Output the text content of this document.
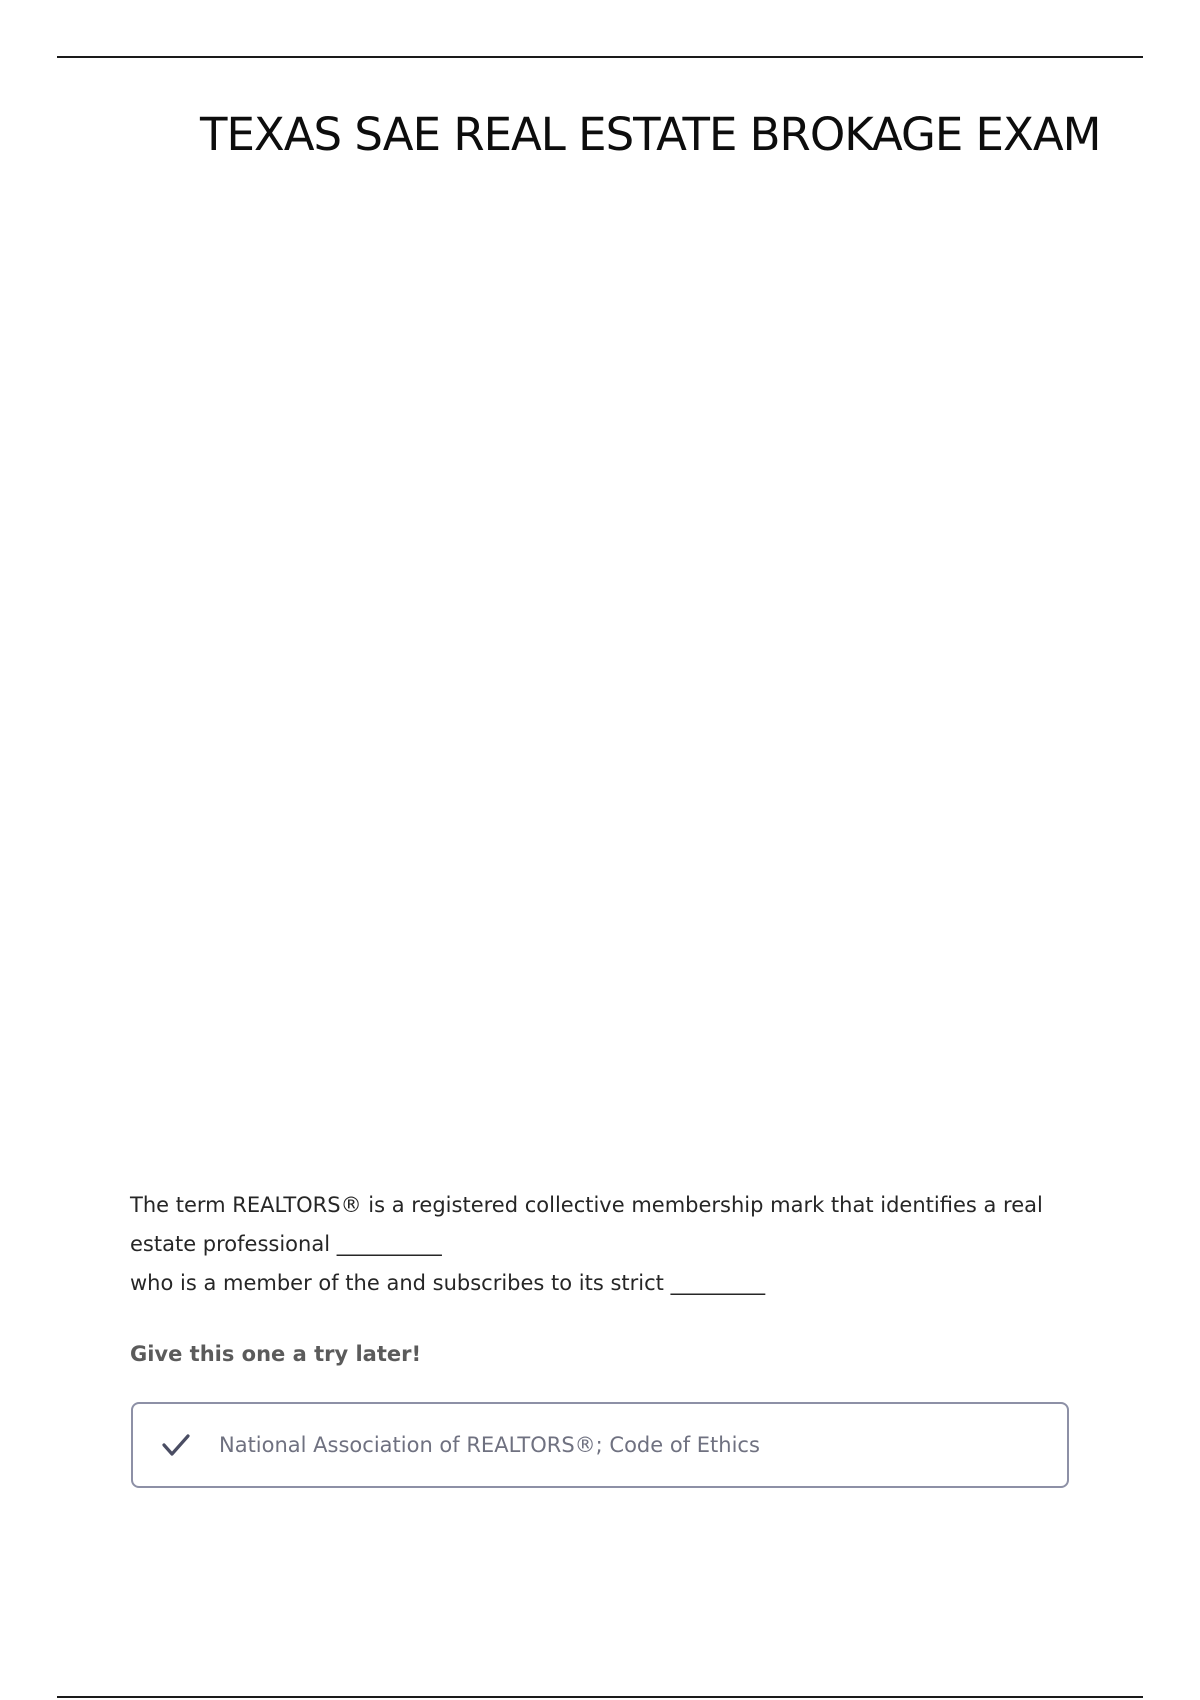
TEXAS SAE REAL ESTATE BROKAGE EXAM
The term REALTORS® is a registered collective membership mark that identifies a real
estate professional __________
who is a member of the and subscribes to its strict _________

Give this one a try later!

National Association of REALTORS®; Code of Ethics
